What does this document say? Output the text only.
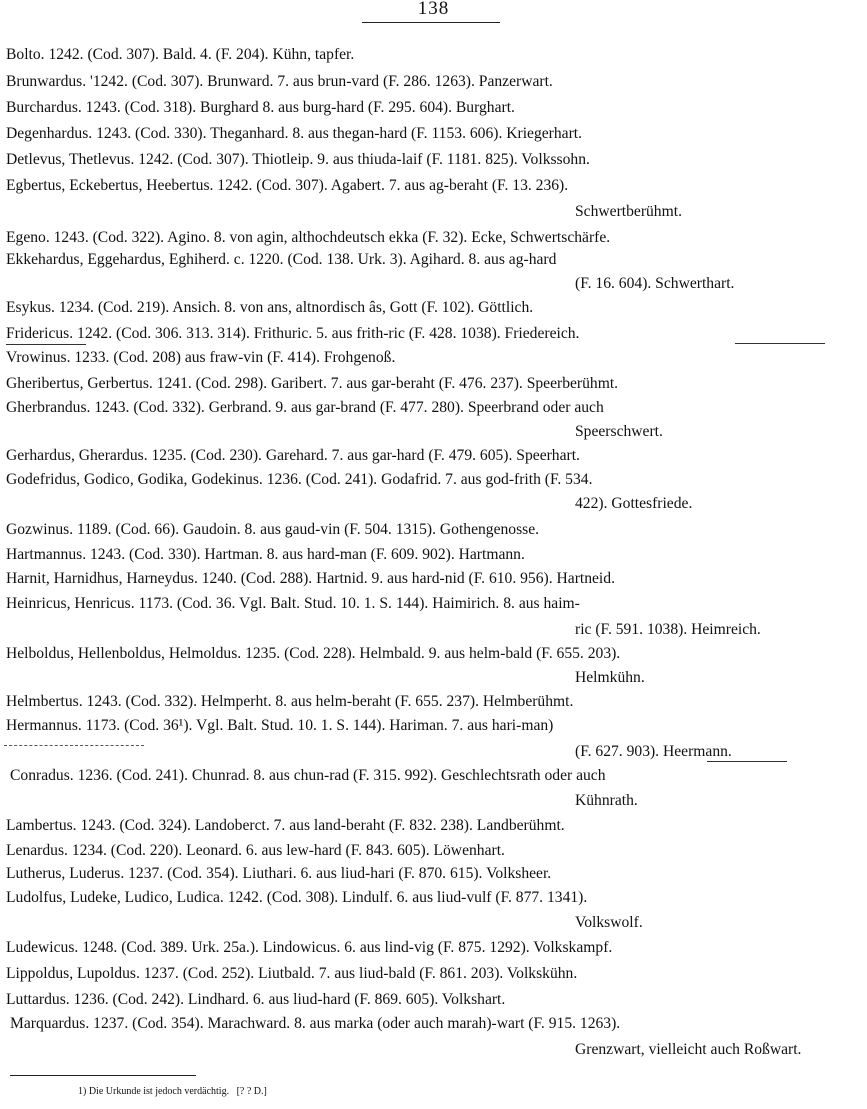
138
Bolto. 1242. (Cod. 307). Bald. 4. (F. 204). Kühn, tapfer.
Brunwardus. '1242. (Cod. 307). Brunward. 7. aus brun-vard (F. 286. 1263). Panzerwart.
Burchardus. 1243. (Cod. 318). Burghard 8. aus burg-hard (F. 295. 604). Burghart.
Degenhardus. 1243. (Cod. 330). Theganhard. 8. aus thegan-hard (F. 1153. 606). Kriegerhart.
Detlevus, Thetlevus. 1242. (Cod. 307). Thiotleip. 9. aus thiuda-laif (F. 1181. 825). Volkssohn.
Egbertus, Eckebertus, Heebertus. 1242. (Cod. 307). Agabert. 7. aus ag-beraht (F. 13. 236).
Schwertberühmt.
Egeno. 1243. (Cod. 322). Agino. 8. von agin, althochdeutsch ekka (F. 32). Ecke, Schwertschärfe.
Ekkehardus, Eggehardus, Eghiherd. c. 1220. (Cod. 138. Urk. 3). Agihard. 8. aus ag-hard
(F. 16. 604). Schwerthart.
Esykus. 1234. (Cod. 219). Ansich. 8. von ans, altnordisch âs, Gott (F. 102). Göttlich.
Fridericus. 1242. (Cod. 306. 313. 314). Frithuric. 5. aus frith-ric (F. 428. 1038). Friedereich.
Vrowinus. 1233. (Cod. 208) aus fraw-vin (F. 414). Frohgenoß.
Gheribertus, Gerbertus. 1241. (Cod. 298). Garibert. 7. aus gar-beraht (F. 476. 237). Speerberühmt.
Gherbrandus. 1243. (Cod. 332). Gerbrand. 9. aus gar-brand (F. 477. 280). Speerbrand oder auch
Speerschwert.
Gerhardus, Gherardus. 1235. (Cod. 230). Garehard. 7. aus gar-hard (F. 479. 605). Speerhart.
Godefridus, Godico, Godika, Godekinus. 1236. (Cod. 241). Godafrid. 7. aus god-frith (F. 534.
422). Gottesfriede.
Gozwinus. 1189. (Cod. 66). Gaudoin. 8. aus gaud-vin (F. 504. 1315). Gothengenosse.
Hartmannus. 1243. (Cod. 330). Hartman. 8. aus hard-man (F. 609. 902). Hartmann.
Harnit, Harnidhus, Harneydus. 1240. (Cod. 288). Hartnid. 9. aus hard-nid (F. 610. 956). Hartneid.
Heinricus, Henricus. 1173. (Cod. 36. Vgl. Balt. Stud. 10. 1. S. 144). Haimirich. 8. aus haim-
ric (F. 591. 1038). Heimreich.
Helboldus, Hellenboldus, Helmoldus. 1235. (Cod. 228). Helmbald. 9. aus helm-bald (F. 655. 203).
Helmkühn.
Helmbertus. 1243. (Cod. 332). Helmperht. 8. aus helm-beraht (F. 655. 237). Helmberühmt.
Hermannus. 1173. (Cod. 36¹). Vgl. Balt. Stud. 10. 1. S. 144). Hariman. 7. aus hari-man)
(F. 627. 903). Heermann.
Conradus. 1236. (Cod. 241). Chunrad. 8. aus chun-rad (F. 315. 992). Geschlechtsrath oder auch
Kühnrath.
Lambertus. 1243. (Cod. 324). Landoberct. 7. aus land-beraht (F. 832. 238). Landberühmt.
Lenardus. 1234. (Cod. 220). Leonard. 6. aus lew-hard (F. 843. 605). Löwenhart.
Lutherus, Luderus. 1237. (Cod. 354). Liuthari. 6. aus liud-hari (F. 870. 615). Volksheer.
Ludolfus, Ludeke, Ludico, Ludica. 1242. (Cod. 308). Lindulf. 6. aus liud-vulf (F. 877. 1341).
Volkswolf.
Ludewicus. 1248. (Cod. 389. Urk. 25a.). Lindowicus. 6. aus lind-vig (F. 875. 1292). Volkskampf.
Lippoldus, Lupoldus. 1237. (Cod. 252). Liutbald. 7. aus liud-bald (F. 861. 203). Volkskühn.
Luttardus. 1236. (Cod. 242). Lindhard. 6. aus liud-hard (F. 869. 605). Volkshart.
Marquardus. 1237. (Cod. 354). Marachward. 8. aus marka (oder auch marah)-wart (F. 915. 1263).
Grenzwart, vielleicht auch Roßwart.
1) Die Urkunde ist jedoch verdächtig.   [? ? D.]
